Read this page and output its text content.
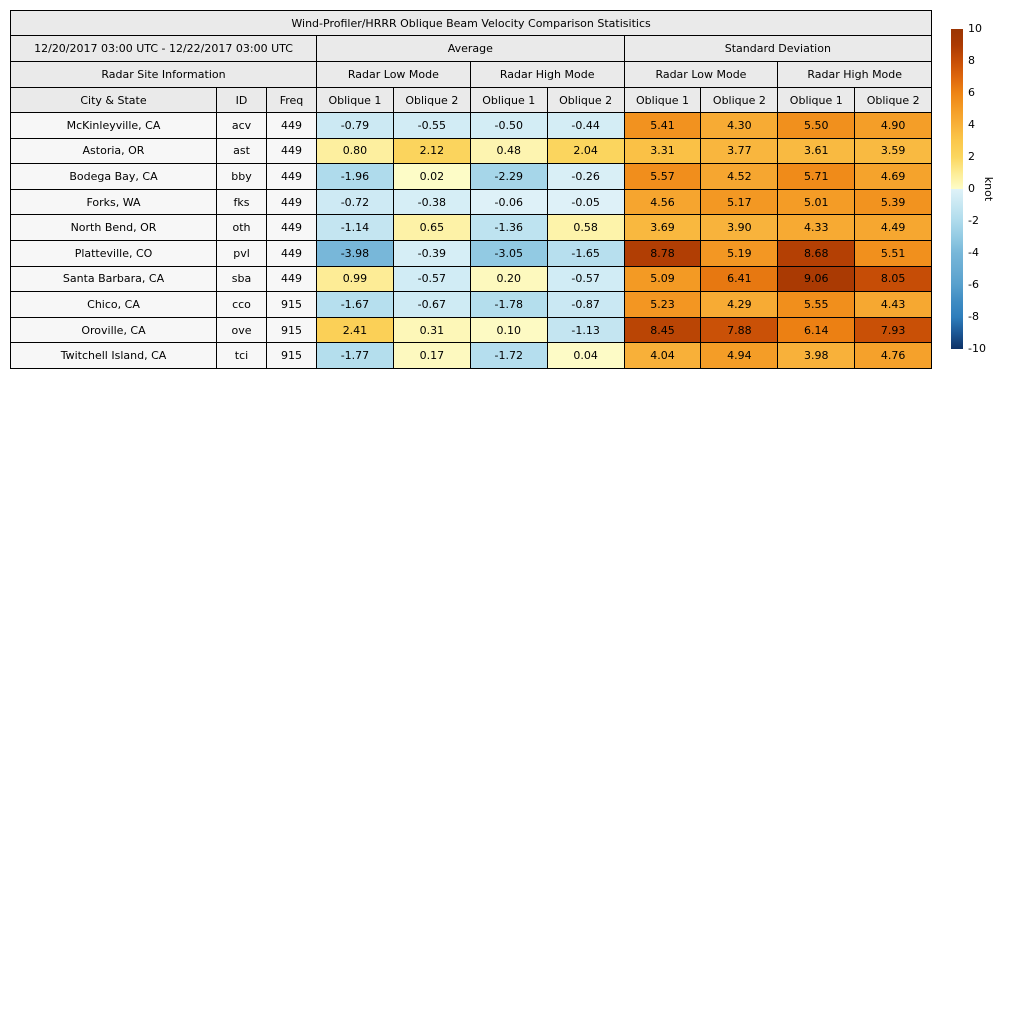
Wind-Profiler/HRRR Oblique Beam Velocity Comparison Statisitics
12/20/2017 03:00 UTC - 12/22/2017 03:00 UTC	Average	Standard Deviation
Radar Site Information	Radar Low Mode	Radar High Mode	Radar Low Mode	Radar High Mode
City & State	ID	Freq	Oblique 1	Oblique 2	Oblique 1	Oblique 2	Oblique 1	Oblique 2	Oblique 1	Oblique 2
McKinleyville, CA	acv	449	-0.79	-0.55	-0.50	-0.44	5.41	4.30	5.50	4.90
Astoria, OR	ast	449	0.80	2.12	0.48	2.04	3.31	3.77	3.61	3.59
Bodega Bay, CA	bby	449	-1.96	0.02	-2.29	-0.26	5.57	4.52	5.71	4.69
Forks, WA	fks	449	-0.72	-0.38	-0.06	-0.05	4.56	5.17	5.01	5.39
North Bend, OR	oth	449	-1.14	0.65	-1.36	0.58	3.69	3.90	4.33	4.49
Platteville, CO	pvl	449	-3.98	-0.39	-3.05	-1.65	8.78	5.19	8.68	5.51
Santa Barbara, CA	sba	449	0.99	-0.57	0.20	-0.57	5.09	6.41	9.06	8.05
Chico, CA	cco	915	-1.67	-0.67	-1.78	-0.87	5.23	4.29	5.55	4.43
Oroville, CA	ove	915	2.41	0.31	0.10	-1.13	8.45	7.88	6.14	7.93
Twitchell Island, CA	tci	915	-1.77	0.17	-1.72	0.04	4.04	4.94	3.98	4.76
knot
10
8
6
4
2
0
-2
-4
-6
-8
-10
